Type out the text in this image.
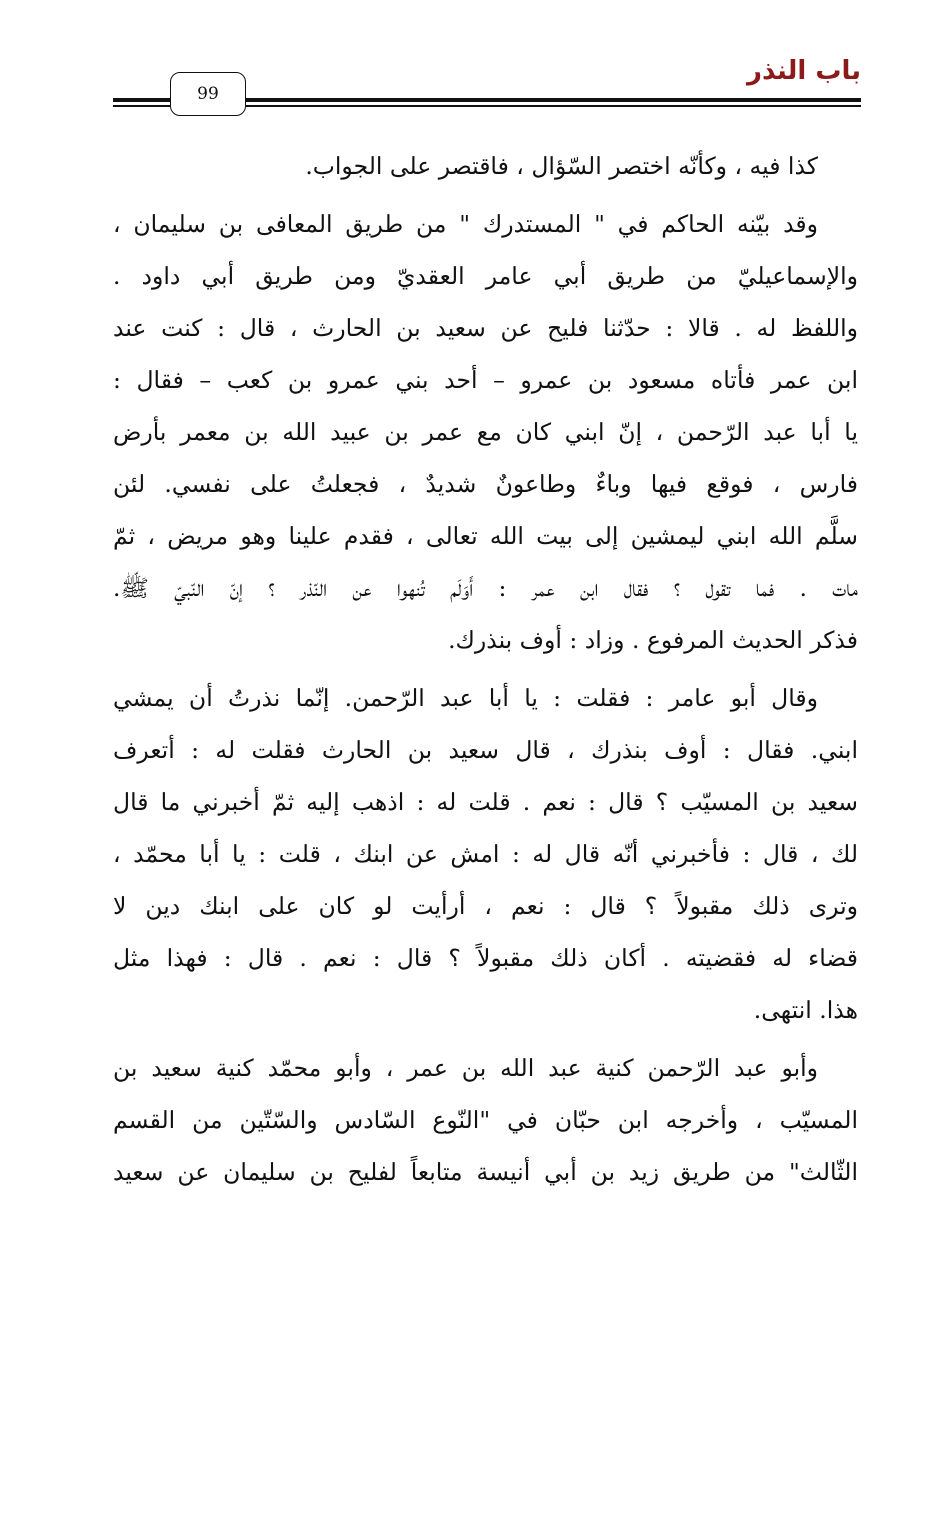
باب النذر
99
كذا فيه ، وكأنّه اختصر السّؤال ، فاقتصر على الجواب.
وقد بيّنه الحاكم في " المستدرك " من طريق المعافى بن سليمان ،
والإسماعيليّ من طريق أبي عامر العقديّ ومن طريق أبي داود .
واللفظ له . قالا : حدّثنا فليح عن سعيد بن الحارث ، قال : كنت عند
ابن عمر فأتاه مسعود بن عمرو – أحد بني عمرو بن كعب – فقال :
يا أبا عبد الرّحمن ، إنّ ابني كان مع عمر بن عبيد الله بن معمر بأرض
فارس ، فوقع فيها وباءٌ وطاعونٌ شديدٌ ، فجعلتُ على نفسي. لئن
سلَّم الله ابني ليمشين إلى بيت الله تعالى ، فقدم علينا وهو مريض ، ثمّ
مات . فما تقول ؟ فقال ابن عمر : أَوَلَم تُنهوا عن النّذر ؟ إنّ النّبيّ ﷺ.
فذكر الحديث المرفوع . وزاد : أوف بنذرك.
وقال أبو عامر : فقلت : يا أبا عبد الرّحمن. إنّما نذرتُ أن يمشي
ابني. فقال : أوف بنذرك ، قال سعيد بن الحارث فقلت له : أتعرف
سعيد بن المسيّب ؟ قال : نعم . قلت له : اذهب إليه ثمّ أخبرني ما قال
لك ، قال : فأخبرني أنّه قال له : امش عن ابنك ، قلت : يا أبا محمّد ،
وترى ذلك مقبولاً ؟ قال : نعم ، أرأيت لو كان على ابنك دين لا
قضاء له فقضيته . أكان ذلك مقبولاً ؟ قال : نعم . قال : فهذا مثل
هذا. انتهى.
وأبو عبد الرّحمن كنية عبد الله بن عمر ، وأبو محمّد كنية سعيد بن
المسيّب ، وأخرجه ابن حبّان في "النّوع السّادس والسّتّين من القسم
الثّالث" من طريق زيد بن أبي أنيسة متابعاً لفليح بن سليمان عن سعيد
